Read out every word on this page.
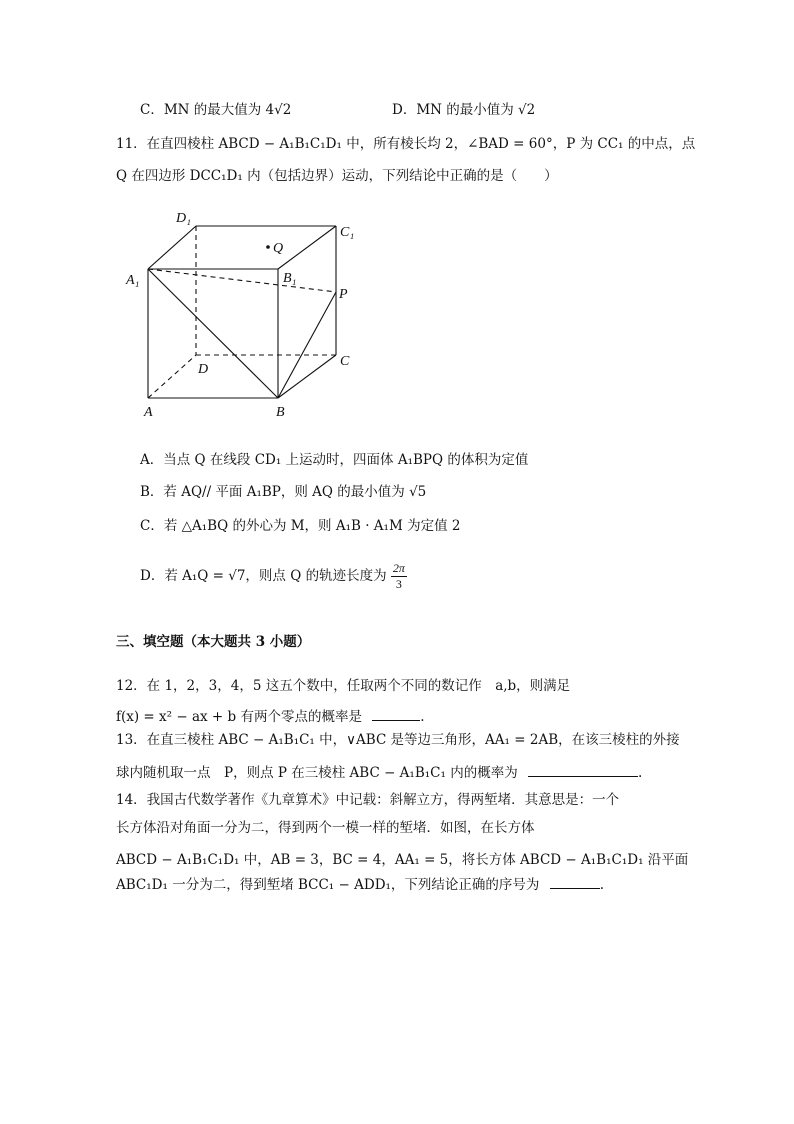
C．MN 的最大值为 4√2	D．MN 的最小值为 √2
11．在直四棱柱 ABCD − A₁B₁C₁D₁ 中，所有棱长均 2，∠BAD = 60°，P 为 CC₁ 的中点，点
Q 在四边形 DCC₁D₁ 内（包括边界）运动，下列结论中正确的是（　　）
D₁
C₁
A₁	B₁
Q
P
D
C
A	B
A．当点 Q 在线段 CD₁ 上运动时，四面体 A₁BPQ 的体积为定值
B．若 AQ// 平面 A₁BP，则 AQ 的最小值为 √5
C．若 △A₁BQ 的外心为 M，则 A₁B · A₁M 为定值 2
D．若 A₁Q = √7，则点 Q 的轨迹长度为 $\frac{2\pi}{3}$
三、填空题（本大题共 3 小题）
12．在 1，2，3，4，5 这五个数中，任取两个不同的数记作　a,b，则满足
f(x) = x² − ax + b 有两个零点的概率是	.
13．在直三棱柱 ABC − A₁B₁C₁ 中，∨ABC 是等边三角形，AA₁ = 2AB，在该三棱柱的外接
球内随机取一点　P，则点 P 在三棱柱 ABC − A₁B₁C₁ 内的概率为	.
14．我国古代数学著作《九章算术》中记载：斜解立方，得两堑堵．其意思是：一个
长方体沿对角面一分为二，得到两个一模一样的堑堵．如图，在长方体
ABCD − A₁B₁C₁D₁ 中，AB = 3，BC = 4，AA₁ = 5，将长方体 ABCD − A₁B₁C₁D₁ 沿平面
ABC₁D₁ 一分为二，得到堑堵 BCC₁ − ADD₁，下列结论正确的序号为	.
